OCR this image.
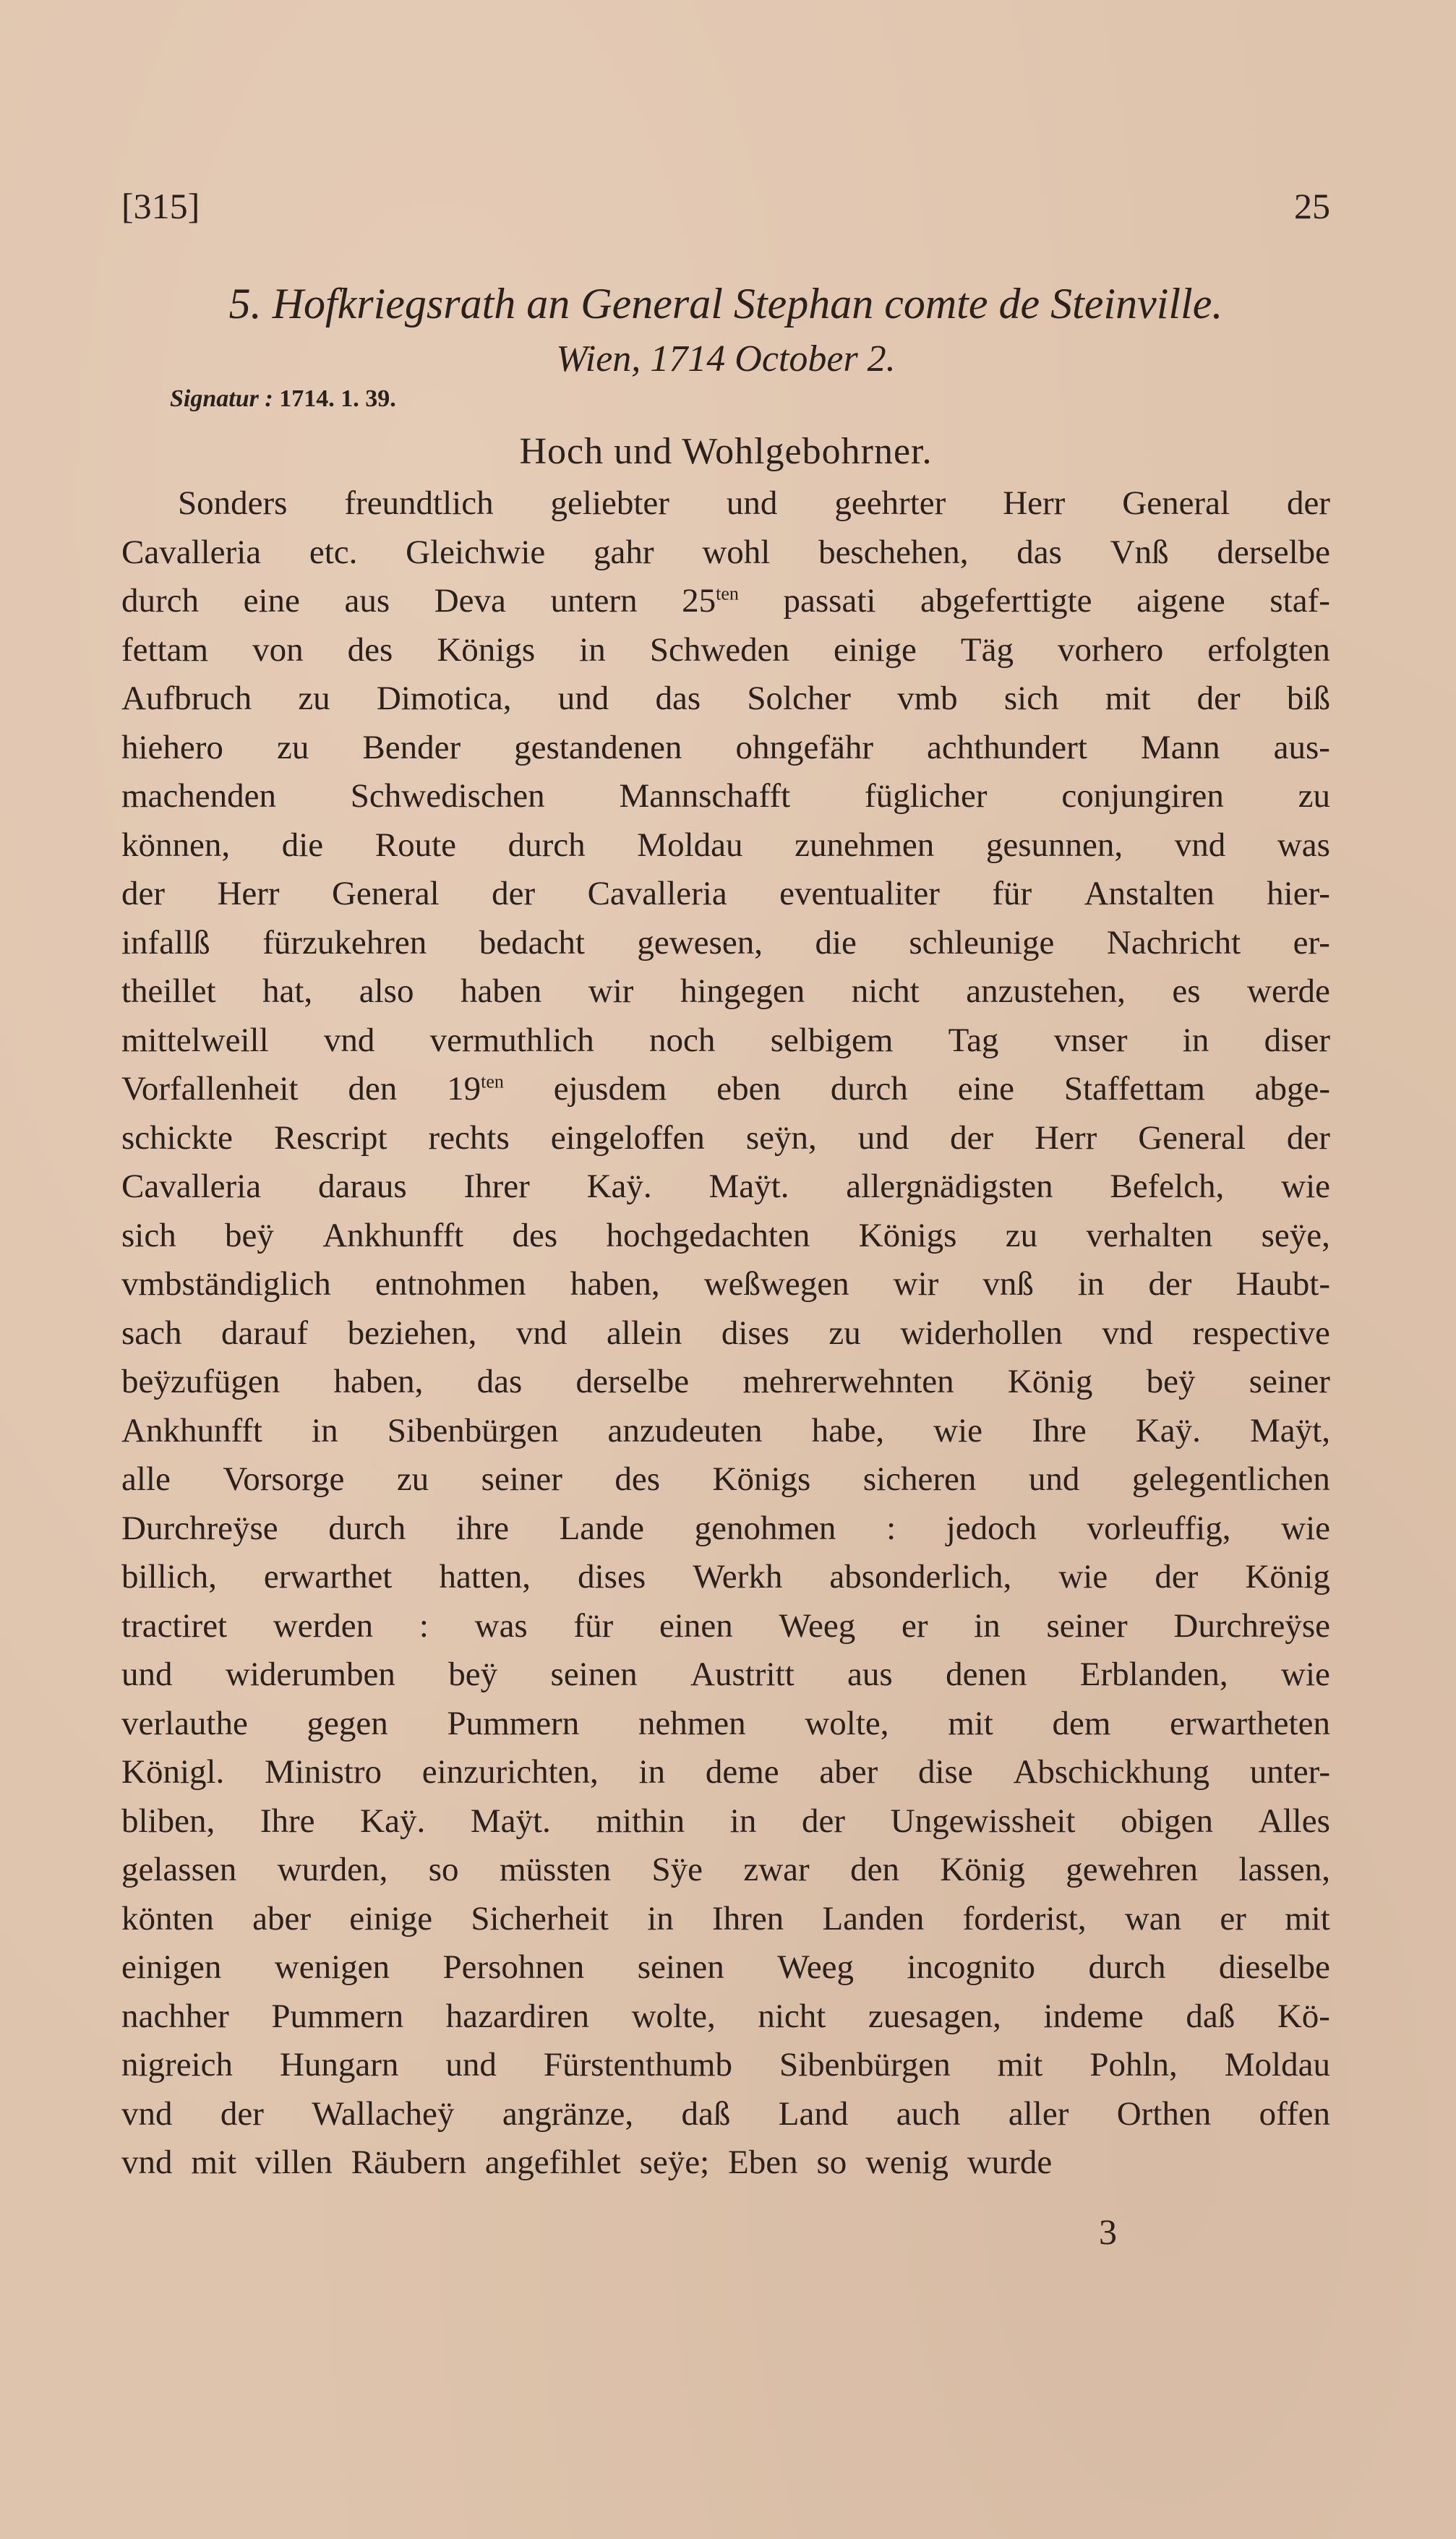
[315]	25
5. Hofkriegsrath an General Stephan comte de Steinville.
Wien, 1714 October 2.
Signatur : 1714. 1. 39.
Hoch und Wohlgebohrner.
Sonders freundtlich geliebter und geehrter Herr General der
Cavalleria etc. Gleichwie gahr wohl beschehen, das Vnß derselbe
durch eine aus Deva untern $25^{ten}$ passati abgeferttigte aigene staf-
fettam von des Königs in Schweden einige Täg vorhero erfolgten
Aufbruch zu Dimotica, und das Solcher vmb sich mit der biß
hiehero zu Bender gestandenen ohngefähr achthundert Mann aus-
machenden Schwedischen Mannschafft füglicher conjungiren zu
können, die Route durch Moldau zunehmen gesunnen, vnd was
der Herr General der Cavalleria eventualiter für Anstalten hier-
infallß fürzukehren bedacht gewesen, die schleunige Nachricht er-
theillet hat, also haben wir hingegen nicht anzustehen, es werde
mittelweill vnd vermuthlich noch selbigem Tag vnser in diser
Vorfallenheit den $19^{ten}$ ejusdem eben durch eine Staffettam abge-
schickte Rescript rechts eingeloffen seÿn, und der Herr General der
Cavalleria daraus Ihrer Kaÿ. Maÿt. allergnädigsten Befelch, wie
sich beÿ Ankhunfft des hochgedachten Königs zu verhalten seÿe,
vmbständiglich entnohmen haben, weßwegen wir vnß in der Haubt-
sach darauf beziehen, vnd allein dises zu widerhollen vnd respective
beÿzufügen haben, das derselbe mehrerwehnten König beÿ seiner
Ankhunfft in Sibenbürgen anzudeuten habe, wie Ihre Kaÿ. Maÿt,
alle Vorsorge zu seiner des Königs sicheren und gelegentlichen
Durchreÿse durch ihre Lande genohmen : jedoch vorleuffig, wie
billich, erwarthet hatten, dises Werkh absonderlich, wie der König
tractiret werden : was für einen Weeg er in seiner Durchreÿse
und widerumben beÿ seinen Austritt aus denen Erblanden, wie
verlauthe gegen Pummern nehmen wolte, mit dem erwartheten
Königl. Ministro einzurichten, in deme aber dise Abschickhung unter-
bliben, Ihre Kaÿ. Maÿt. mithin in der Ungewissheit obigen Alles
gelassen wurden, so müssten Sÿe zwar den König gewehren lassen,
könten aber einige Sicherheit in Ihren Landen forderist, wan er mit
einigen wenigen Persohnen seinen Weeg incognito durch dieselbe
nachher Pummern hazardiren wolte, nicht zuesagen, indeme daß Kö-
nigreich Hungarn und Fürstenthumb Sibenbürgen mit Pohln, Moldau
vnd der Wallacheÿ angränze, daß Land auch aller Orthen offen
vnd mit villen Räubern angefihlet seÿe; Eben so wenig wurde
3
